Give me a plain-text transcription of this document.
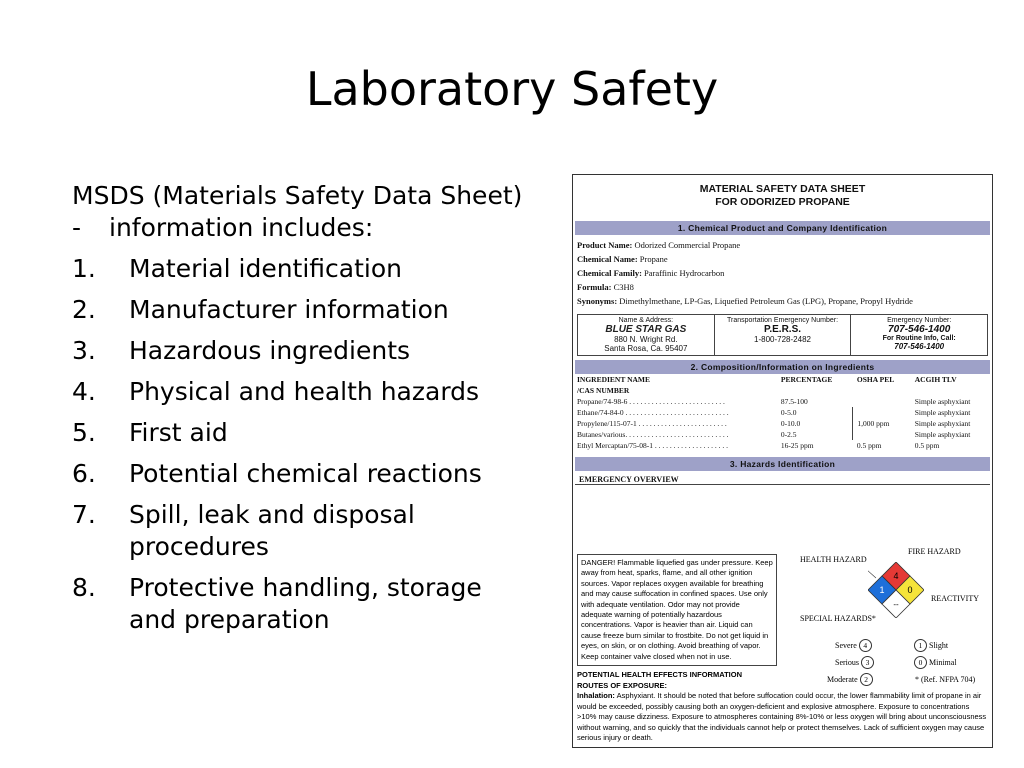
Laboratory Safety
MSDS (Materials Safety Data Sheet)
-	information includes:
1.	Material identification
2.	Manufacturer information
3.	Hazardous ingredients
4.	Physical and health hazards
5.	First aid
6.	Potential chemical reactions
7.	Spill, leak and disposal procedures
8.	Protective handling, storage and preparation
MATERIAL SAFETY DATA SHEET
FOR ODORIZED PROPANE
1. Chemical Product and Company Identification
Product Name: Odorized Commercial Propane
Chemical Name: Propane
Chemical Family: Paraffinic Hydrocarbon
Formula: C3H8
Synonyms: Dimethylmethane, LP-Gas, Liquefied Petroleum Gas (LPG), Propane, Propyl Hydride
Name & Address:
BLUE STAR GAS
880 N. Wright Rd.
Santa Rosa, Ca. 95407
Transportation Emergency Number:
P.E.R.S.
1-800-728-2482
Emergency Number:
707-546-1400
For Routine Info, Call:
707-546-1400
2. Composition/Information on Ingredients
INGREDIENT NAME	PERCENTAGE	OSHA PEL	ACGIH TLV
/CAS NUMBER			
Propane/74-98-6 . . . . . . . . . . . . . . . . . . . . . . . . . .	87.5-100		Simple asphyxiant
Ethane/74-84-0 . . . . . . . . . . . . . . . . . . . . . . . . . . . .	0-5.0	1,000 ppm	Simple asphyxiant
Propylene/115-07-1 . . . . . . . . . . . . . . . . . . . . . . . .	0-10.0		Simple asphyxiant
Butanes/various. . . . . . . . . . . . . . . . . . . . . . . . . . . .	0-2.5		Simple asphyxiant
Ethyl Mercaptan/75-08-1 . . . . . . . . . . . . . . . . . . . .	16-25 ppm	0.5 ppm	0.5 ppm
3. Hazards Identification
EMERGENCY OVERVIEW
DANGER! Flammable liquefied gas under pressure. Keep away from heat, sparks, flame, and all other ignition sources. Vapor replaces oxygen available for breathing and may cause suffocation in confined spaces. Use only with adequate ventilation. Odor may not provide adequate warning of potentially hazardous concentrations. Vapor is heavier than air. Liquid can cause freeze burn similar to frostbite. Do not get liquid in eyes, on skin, or on clothing. Avoid breathing of vapor. Keep container valve closed when not in use.
HEALTH HAZARD
FIRE HAZARD
REACTIVITY
SPECIAL HAZARDS*
4
1	0
--
Severe 4
Serious 3
Moderate 2
1 Slight
0 Minimal
* (Ref. NFPA 704)
POTENTIAL HEALTH EFFECTS INFORMATION
ROUTES OF EXPOSURE:
Inhalation: Asphyxiant. It should be noted that before suffocation could occur, the lower flammability limit of propane in air would be exceeded, possibly causing both an oxygen-deficient and explosive atmosphere. Exposure to concentrations >10% may cause dizziness. Exposure to atmospheres containing 8%-10% or less oxygen will bring about unconsciousness without warning, and so quickly that the individuals cannot help or protect themselves. Lack of sufficient oxygen may cause serious injury or death.
